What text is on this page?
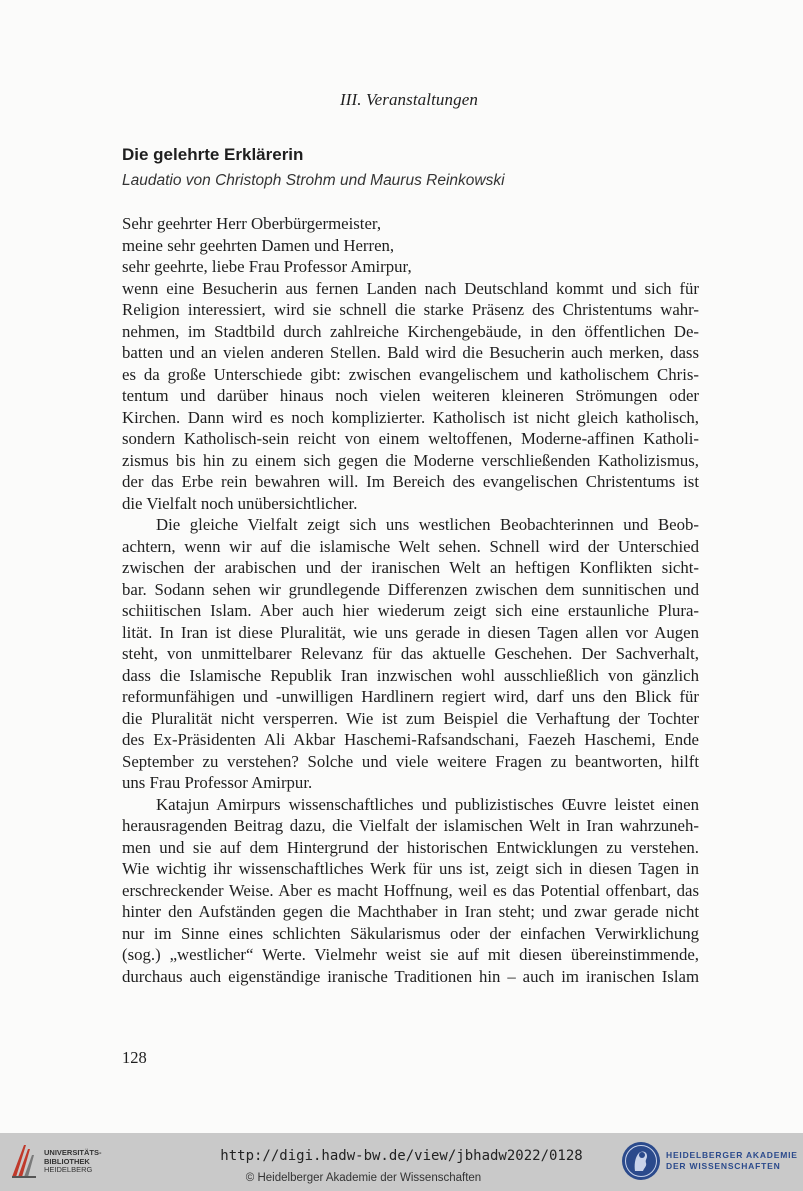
III. Veranstaltungen
Die gelehrte Erklärerin
Laudatio von Christoph Strohm und Maurus Reinkowski
Sehr geehrter Herr Oberbürgermeister,
meine sehr geehrten Damen und Herren,
sehr geehrte, liebe Frau Professor Amirpur,
wenn eine Besucherin aus fernen Landen nach Deutschland kommt und sich für
Religion interessiert, wird sie schnell die starke Präsenz des Christentums wahr-
nehmen, im Stadtbild durch zahlreiche Kirchengebäude, in den öffentlichen De-
batten und an vielen anderen Stellen. Bald wird die Besucherin auch merken, dass
es da große Unterschiede gibt: zwischen evangelischem und katholischem Chris-
tentum und darüber hinaus noch vielen weiteren kleineren Strömungen oder
Kirchen. Dann wird es noch komplizierter. Katholisch ist nicht gleich katholisch,
sondern Katholisch-sein reicht von einem weltoffenen, Moderne-affinen Katholi-
zismus bis hin zu einem sich gegen die Moderne verschließenden Katholizismus,
der das Erbe rein bewahren will. Im Bereich des evangelischen Christentums ist
die Vielfalt noch unübersichtlicher.
Die gleiche Vielfalt zeigt sich uns westlichen Beobachterinnen und Beob-
achtern, wenn wir auf die islamische Welt sehen. Schnell wird der Unterschied
zwischen der arabischen und der iranischen Welt an heftigen Konflikten sicht-
bar. Sodann sehen wir grundlegende Differenzen zwischen dem sunnitischen und
schiitischen Islam. Aber auch hier wiederum zeigt sich eine erstaunliche Plura-
lität. In Iran ist diese Pluralität, wie uns gerade in diesen Tagen allen vor Augen
steht, von unmittelbarer Relevanz für das aktuelle Geschehen. Der Sachverhalt,
dass die Islamische Republik Iran inzwischen wohl ausschließlich von gänzlich
reformunfähigen und -unwilligen Hardlinern regiert wird, darf uns den Blick für
die Pluralität nicht versperren. Wie ist zum Beispiel die Verhaftung der Tochter
des Ex-Präsidenten Ali Akbar Haschemi-Rafsandschani, Faezeh Haschemi, Ende
September zu verstehen? Solche und viele weitere Fragen zu beantworten, hilft
uns Frau Professor Amirpur.
Katajun Amirpurs wissenschaftliches und publizistisches Œuvre leistet einen
herausragenden Beitrag dazu, die Vielfalt der islamischen Welt in Iran wahrzuneh-
men und sie auf dem Hintergrund der historischen Entwicklungen zu verstehen.
Wie wichtig ihr wissenschaftliches Werk für uns ist, zeigt sich in diesen Tagen in
erschreckender Weise. Aber es macht Hoffnung, weil es das Potential offenbart, das
hinter den Aufständen gegen die Machthaber in Iran steht; und zwar gerade nicht
nur im Sinne eines schlichten Säkularismus oder der einfachen Verwirklichung
(sog.) „westlicher“ Werte. Vielmehr weist sie auf mit diesen übereinstimmende,
durchaus auch eigenständige iranische Traditionen hin – auch im iranischen Islam
128
UNIVERSITÄTS-
BIBLIOTHEK
HEIDELBERG
http://digi.hadw-bw.de/view/jbhadw2022/0128
© Heidelberger Akademie der Wissenschaften
HEIDELBERGER AKADEMIE
DER WISSENSCHAFTEN
